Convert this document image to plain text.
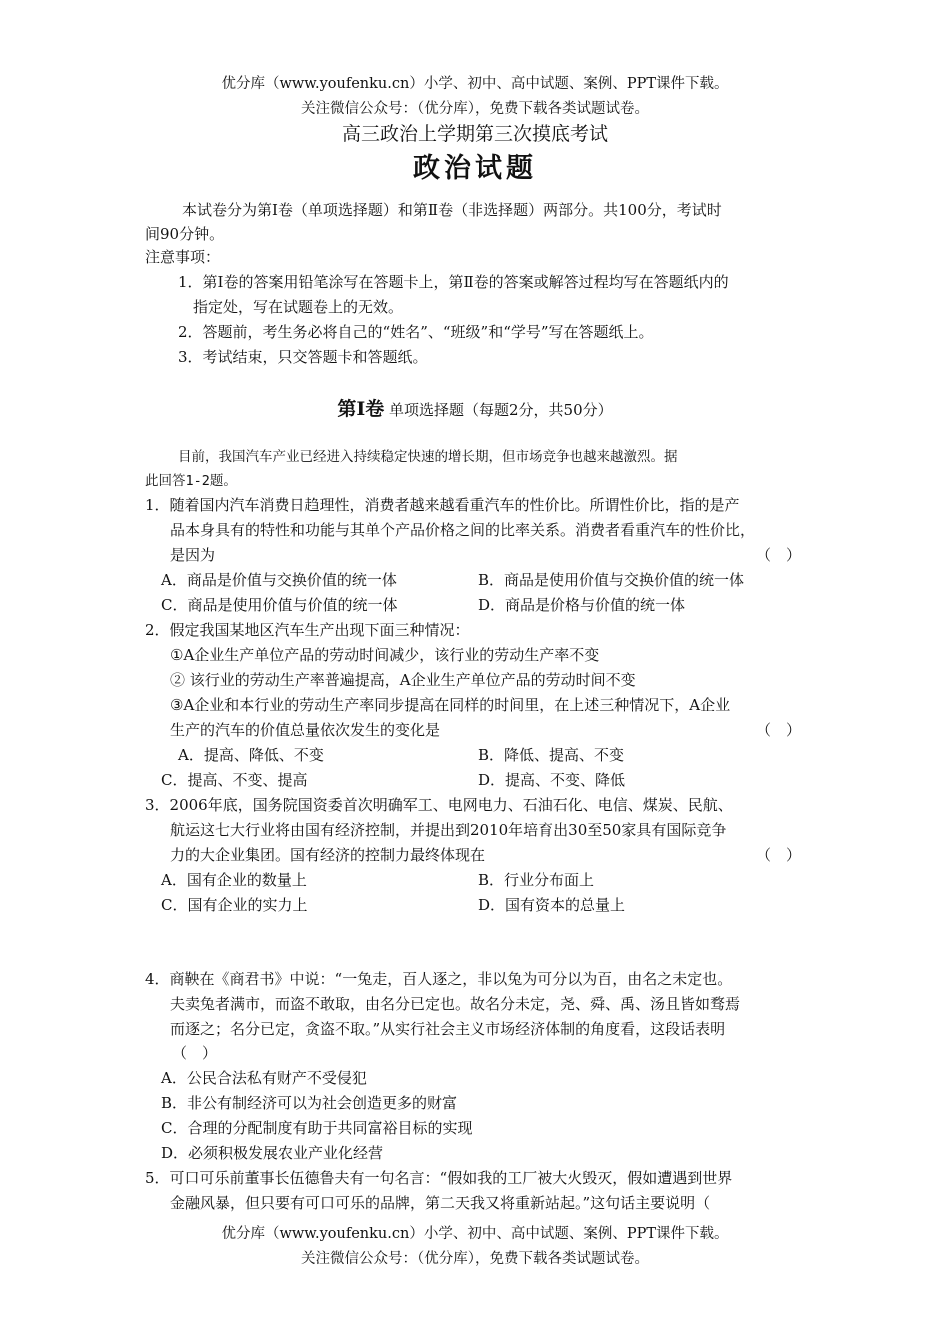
优分库（www.youfenku.cn）小学、初中、高中试题、案例、PPT课件下载。
关注微信公众号：（优分库），免费下载各类试题试卷。
高三政治上学期第三次摸底考试
政治试题
本试卷分为第Ⅰ卷（单项选择题）和第Ⅱ卷（非选择题）两部分。共100分，考试时
间90分钟。
注意事项：
1．第Ⅰ卷的答案用铅笔涂写在答题卡上，第Ⅱ卷的答案或解答过程均写在答题纸内的
指定处，写在试题卷上的无效。
2．答题前，考生务必将自己的“姓名”、“班级”和“学号”写在答题纸上。
3．考试结束，只交答题卡和答题纸。
第Ⅰ卷 单项选择题（每题2分，共50分）
目前，我国汽车产业已经进入持续稳定快速的增长期，但市场竞争也越来越激烈。据
此回答1-2题。
1．随着国内汽车消费日趋理性，消费者越来越看重汽车的性价比。所谓性价比，指的是产
品本身具有的特性和功能与其单个产品价格之间的比率关系。消费者看重汽车的性价比，
是因为	（　）
A．商品是价值与交换价值的统一体	B．商品是使用价值与交换价值的统一体
C．商品是使用价值与价值的统一体	D．商品是价格与价值的统一体
2．假定我国某地区汽车生产出现下面三种情况：
①A企业生产单位产品的劳动时间减少，该行业的劳动生产率不变
② 该行业的劳动生产率普遍提高，A企业生产单位产品的劳动时间不变
③A企业和本行业的劳动生产率同步提高在同样的时间里，在上述三种情况下，A企业
生产的汽车的价值总量依次发生的变化是	（　）
A．提高、降低、不变	B．降低、提高、不变
C．提高、不变、提高	D．提高、不变、降低
3．2006年底，国务院国资委首次明确军工、电网电力、石油石化、电信、煤炭、民航、
航运这七大行业将由国有经济控制，并提出到2010年培育出30至50家具有国际竞争
力的大企业集团。国有经济的控制力最终体现在	（　）
A．国有企业的数量上	B．行业分布面上
C．国有企业的实力上	D．国有资本的总量上
4．商鞅在《商君书》中说：“一兔走，百人逐之，非以兔为可分以为百，由名之未定也。
夫卖兔者满市，而盗不敢取，由名分已定也。故名分未定，尧、舜、禹、汤且皆如骛焉
而逐之；名分已定，贪盗不取。”从实行社会主义市场经济体制的角度看，这段话表明
（　）
A．公民合法私有财产不受侵犯
B．非公有制经济可以为社会创造更多的财富
C．合理的分配制度有助于共同富裕目标的实现
D．必须积极发展农业产业化经营
5．可口可乐前董事长伍德鲁夫有一句名言：“假如我的工厂被大火毁灭，假如遭遇到世界
金融风暴，但只要有可口可乐的品牌，第二天我又将重新站起。”这句话主要说明（
优分库（www.youfenku.cn）小学、初中、高中试题、案例、PPT课件下载。
关注微信公众号：（优分库），免费下载各类试题试卷。
